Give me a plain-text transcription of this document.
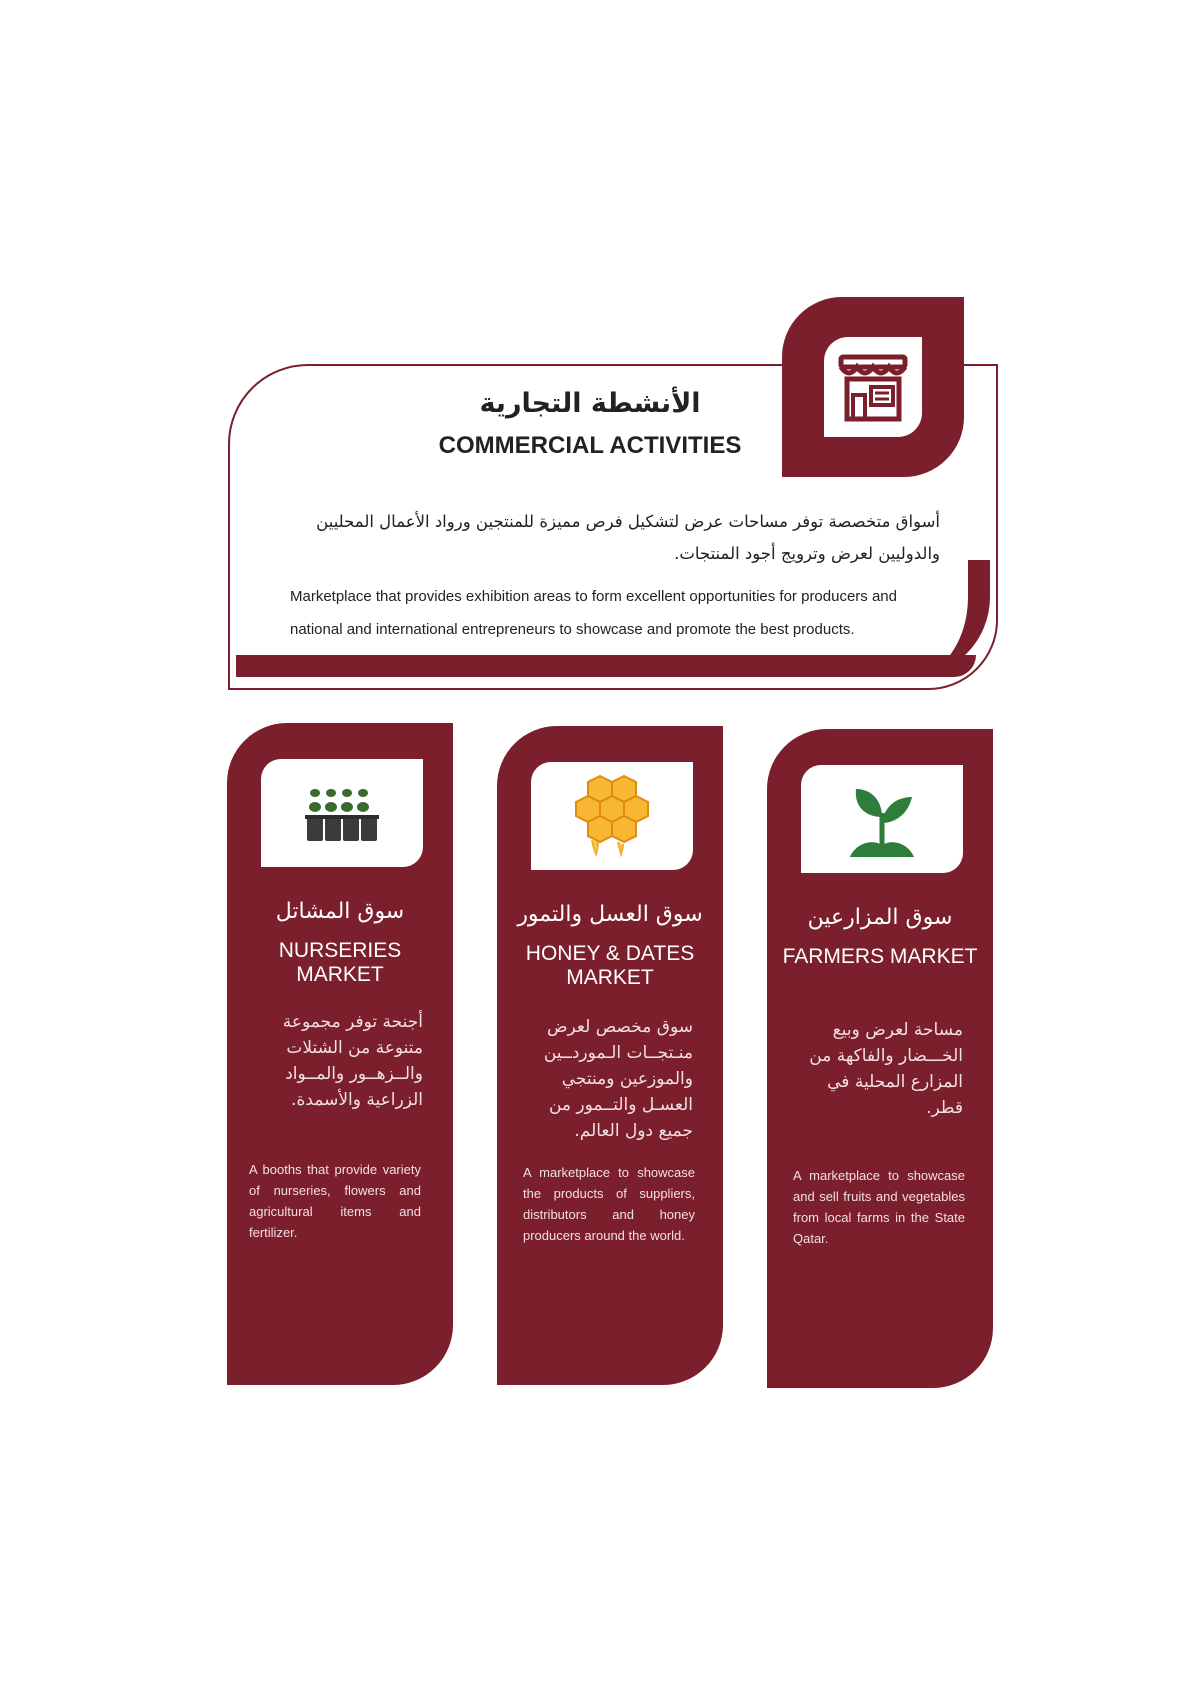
الأنشطة التجارية
COMMERCIAL ACTIVITIES
أسواق متخصصة توفر مساحات عرض لتشكيل فرص مميزة للمنتجين ورواد الأعمال المحليين والدوليين لعرض وترويج أجود المنتجات.
Marketplace that provides exhibition areas to form excellent opportunities for producers and national and international entrepreneurs to showcase and promote the best products.
سوق المشاتل
NURSERIES MARKET
أجنحة توفر مجموعة متنوعة من الشتلات والــزهــور والمــواد الزراعية والأسمدة.
A booths that provide variety of nurseries, flowers and agricultural items and fertilizer.
سوق العسل والتمور
HONEY & DATES MARKET
سوق مخصص لعرض منـتجــات الـموردــين والموزعين ومنتجي العسـل والتــمور من جميع دول العالم.
A marketplace to showcase the products of suppliers, distributors and honey producers around the world.
سوق المزارعين
FARMERS MARKET
مساحة لعرض وبيع الخـــضار والفاكهة من المزارع المحلية في قطر.
A marketplace to showcase and sell fruits and vegetables from local farms in the State Qatar.
